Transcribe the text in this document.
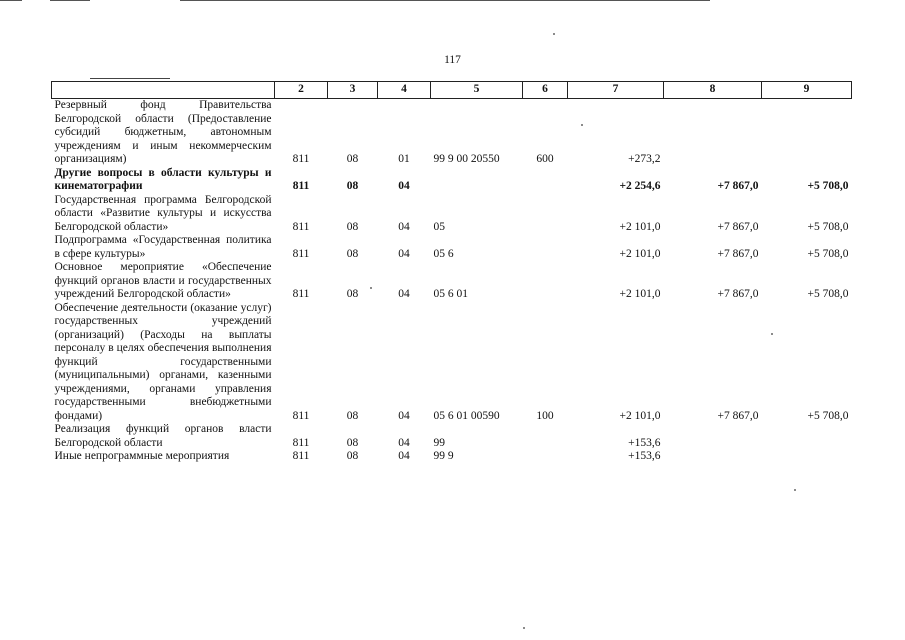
117
	2	3	4	5	6	7	8	9
Резервный фонд Правительства Белгородской области (Предоставление субсидий бюджетным, автономным учреждениям и иным некоммерческим организациям)	811	08	01	99 9 00 20550	600	+273,2		
Другие вопросы в области культуры и кинематографии	811	08	04			+2 254,6	+7 867,0	+5 708,0
Государственная программа Белгородской области «Развитие культуры и искусства Белгородской области»	811	08	04	05		+2 101,0	+7 867,0	+5 708,0
Подпрограмма «Государственная политика в сфере культуры»	811	08	04	05 6		+2 101,0	+7 867,0	+5 708,0
Основное мероприятие «Обеспечение функций органов власти и государственных учреждений Белгородской области»	811	08	04	05 6 01		+2 101,0	+7 867,0	+5 708,0
Обеспечение деятельности (оказание услуг) государственных учреждений (организаций) (Расходы на выплаты персоналу в целях обеспечения выполнения функций государственными (муниципальными) органами, казенными учреждениями, органами управления государственными внебюджетными фондами)	811	08	04	05 6 01 00590	100	+2 101,0	+7 867,0	+5 708,0
Реализация функций органов власти Белгородской области	811	08	04	99		+153,6		
Иные непрограммные мероприятия	811	08	04	99 9		+153,6		
